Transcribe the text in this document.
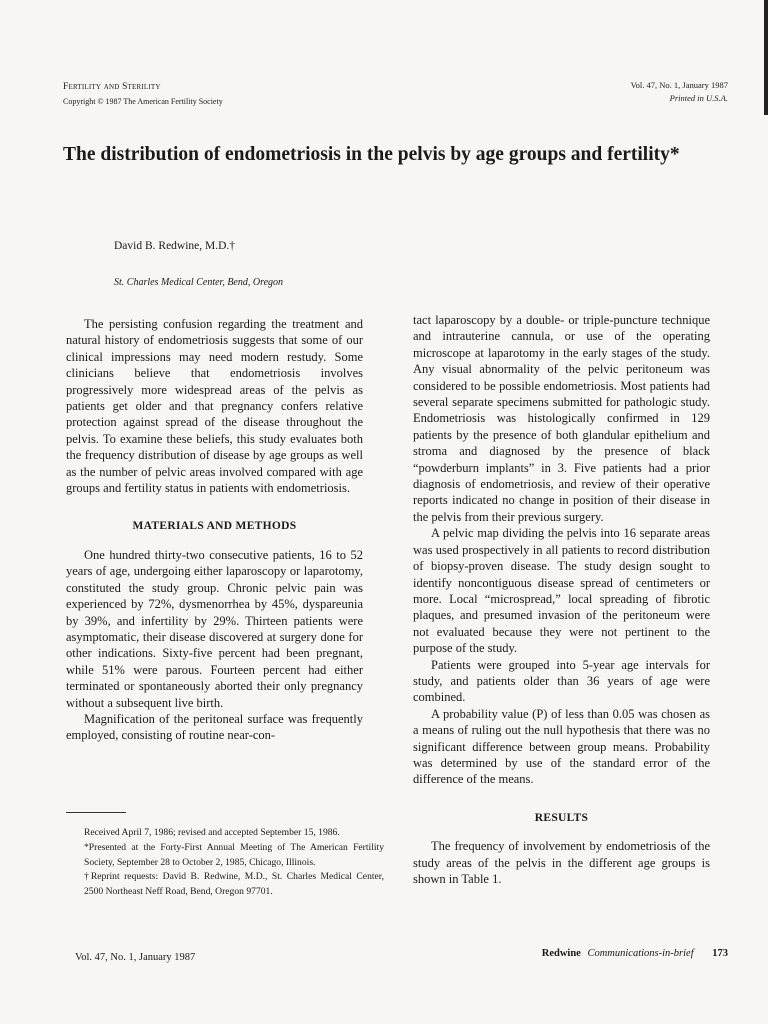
Fertility and Sterility
Copyright © 1987 The American Fertility Society
Vol. 47, No. 1, January 1987
Printed in U.S.A.
The distribution of endometriosis in the pelvis by age groups and fertility*
David B. Redwine, M.D.†
St. Charles Medical Center, Bend, Oregon

The persisting confusion regarding the treatment and natural history of endometriosis suggests that some of our clinical impressions may need modern restudy. Some clinicians believe that endometriosis involves progressively more widespread areas of the pelvis as patients get older and that pregnancy confers relative protection against spread of the disease throughout the pelvis. To examine these beliefs, this study evaluates both the frequency distribution of disease by age groups as well as the number of pelvic areas involved compared with age groups and fertility status in patients with endometriosis.

MATERIALS AND METHODS

One hundred thirty-two consecutive patients, 16 to 52 years of age, undergoing either laparoscopy or laparotomy, constituted the study group. Chronic pelvic pain was experienced by 72%, dysmenorrhea by 45%, dyspareunia by 39%, and infertility by 29%. Thirteen patients were asymptomatic, their disease discovered at surgery done for other indications. Sixty-five percent had been pregnant, while 51% were parous. Fourteen percent had either terminated or spontaneously aborted their only pregnancy without a subsequent live birth.

Magnification of the peritoneal surface was frequently employed, consisting of routine near-con-

tact laparoscopy by a double- or triple-puncture technique and intrauterine cannula, or use of the operating microscope at laparotomy in the early stages of the study. Any visual abnormality of the pelvic peritoneum was considered to be possible endometriosis. Most patients had several separate specimens submitted for pathologic study. Endometriosis was histologically confirmed in 129 patients by the presence of both glandular epithelium and stroma and diagnosed by the presence of black “powderburn implants” in 3. Five patients had a prior diagnosis of endometriosis, and review of their operative reports indicated no change in position of their disease in the pelvis from their previous surgery.

A pelvic map dividing the pelvis into 16 separate areas was used prospectively in all patients to record distribution of biopsy-proven disease. The study design sought to identify noncontiguous disease spread of centimeters or more. Local “microspread,” local spreading of fibrotic plaques, and presumed invasion of the peritoneum were not evaluated because they were not pertinent to the purpose of the study.

Patients were grouped into 5-year age intervals for study, and patients older than 36 years of age were combined.

A probability value (P) of less than 0.05 was chosen as a means of ruling out the null hypothesis that there was no significant difference between group means. Probability was determined by use of the standard error of the difference of the means.

RESULTS

The frequency of involvement by endometriosis of the study areas of the pelvis in the different age groups is shown in Table 1.

Received April 7, 1986; revised and accepted September 15, 1986.

*Presented at the Forty-First Annual Meeting of The American Fertility Society, September 28 to October 2, 1985, Chicago, Illinois.

†Reprint requests: David B. Redwine, M.D., St. Charles Medical Center, 2500 Northeast Neff Road, Bend, Oregon 97701.

Vol. 47, No. 1, January 1987	Redwine Communications-in-brief 173
